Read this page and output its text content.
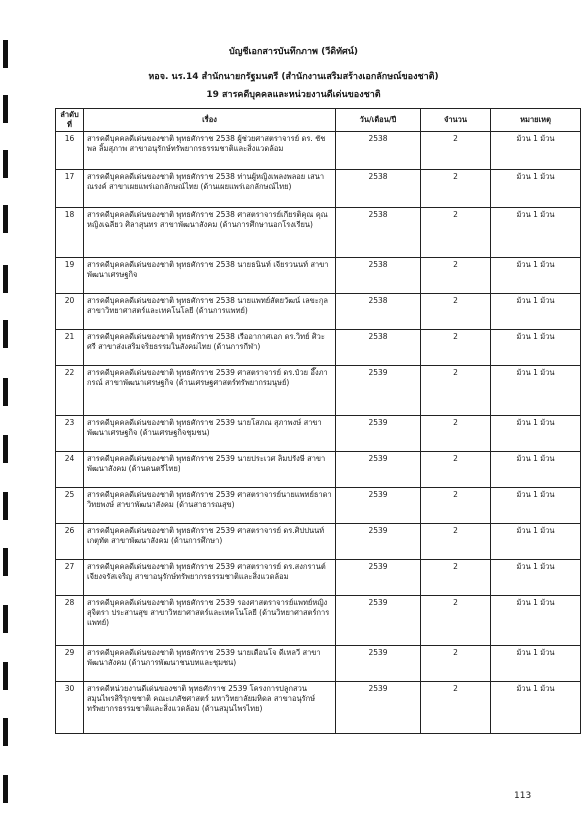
บัญชีเอกสารบันทึกภาพ (วีดิทัศน์)
หอจ. นร.14 สำนักนายกรัฐมนตรี (สำนักงานเสริมสร้างเอกลักษณ์ของชาติ)
19 สารคดีบุคคลและหน่วยงานดีเด่นของชาติ
ลำดับที่	เรื่อง	วัน/เดือน/ปี	จำนวน	หมายเหตุ
16	สารคดีบุคคลดีเด่นของชาติ พุทธศักราช 2538 ผู้ช่วยศาสตราจารย์ ดร. ชัชพล ลิ้มสุภาพ สาขาอนุรักษ์ทรัพยากรธรรมชาติและสิ่งแวดล้อม	2538	2	ม้วน 1 ม้วน
17	สารคดีบุคคลดีเด่นของชาติ พุทธศักราช 2538 ท่านผู้หญิงเพลงพลอย เสนาณรงค์ สาขาเผยแพร่เอกลักษณ์ไทย (ด้านเผยแพร่เอกลักษณ์ไทย)	2538	2	ม้วน 1 ม้วน
18	สารคดีบุคคลดีเด่นของชาติ พุทธศักราช 2538 ศาสตราจารย์เกียรติคุณ คุณหญิงเฉลียว ศิลาสุนทร สาขาพัฒนาสังคม (ด้านการศึกษานอกโรงเรียน)	2538	2	ม้วน 1 ม้วน
19	สารคดีบุคคลดีเด่นของชาติ พุทธศักราช 2538 นายธนินท์ เจียรวนนท์ สาขาพัฒนาเศรษฐกิจ	2538	2	ม้วน 1 ม้วน
20	สารคดีบุคคลดีเด่นของชาติ พุทธศักราช 2538 นายแพทย์สัตยวัฒน์ เลขะกุล สาขาวิทยาศาสตร์และเทคโนโลยี (ด้านการแพทย์)	2538	2	ม้วน 1 ม้วน
21	สารคดีบุคคลดีเด่นของชาติ พุทธศักราช 2538 เรืออากาศเอก ดร.วิทย์ ศิวะศรี สาขาส่งเสริมจริยธรรมในสังคมไทย (ด้านการกีฬา)	2538	2	ม้วน 1 ม้วน
22	สารคดีบุคคลดีเด่นของชาติ พุทธศักราช 2539 ศาสตราจารย์ ดร.ป๋วย อึ๊งภากรณ์ สาขาพัฒนาเศรษฐกิจ (ด้านเศรษฐศาสตร์ทรัพยากรมนุษย์)	2539	2	ม้วน 1 ม้วน
23	สารคดีบุคคลดีเด่นของชาติ พุทธศักราช 2539 นายโสภณ สุภาพงษ์ สาขาพัฒนาเศรษฐกิจ (ด้านเศรษฐกิจชุมชน)	2539	2	ม้วน 1 ม้วน
24	สารคดีบุคคลดีเด่นของชาติ พุทธศักราช 2539 นายประเวศ ลิมปรังษี สาขาพัฒนาสังคม (ด้านดนตรีไทย)	2539	2	ม้วน 1 ม้วน
25	สารคดีบุคคลดีเด่นของชาติ พุทธศักราช 2539 ศาสตราจารย์นายแพทย์ธาดา วิทยพงษ์ สาขาพัฒนาสังคม (ด้านสาธารณสุข)	2539	2	ม้วน 1 ม้วน
26	สารคดีบุคคลดีเด่นของชาติ พุทธศักราช 2539 ศาสตราจารย์ ดร.ศิปปนนท์ เกตุทัต สาขาพัฒนาสังคม (ด้านการศึกษา)	2539	2	ม้วน 1 ม้วน
27	สารคดีบุคคลดีเด่นของชาติ พุทธศักราช 2539 ศาสตราจารย์ ดร.สงกรานต์ เจียงจรัสเจริญ สาขาอนุรักษ์ทรัพยากรธรรมชาติและสิ่งแวดล้อม	2539	2	ม้วน 1 ม้วน
28	สารคดีบุคคลดีเด่นของชาติ พุทธศักราช 2539 รองศาสตราจารย์แพทย์หญิงสุจิตรา ประสานสุข สาขาวิทยาศาสตร์และเทคโนโลยี (ด้านวิทยาศาสตร์การแพทย์)	2539	2	ม้วน 1 ม้วน
29	สารคดีบุคคลดีเด่นของชาติ พุทธศักราช 2539 นายเดือนโจ ดีเหลวี สาขาพัฒนาสังคม (ด้านการพัฒนาชนบทและชุมชน)	2539	2	ม้วน 1 ม้วน
30	สารคดีหน่วยงานดีเด่นของชาติ พุทธศักราช 2539 โครงการปลูกสวนสมุนไพรสิริรุกขชาติ คณะเภสัชศาสตร์ มหาวิทยาลัยมหิดล สาขาอนุรักษ์ทรัพยากรธรรมชาติและสิ่งแวดล้อม (ด้านสมุนไพรไทย)	2539	2	ม้วน 1 ม้วน
113
